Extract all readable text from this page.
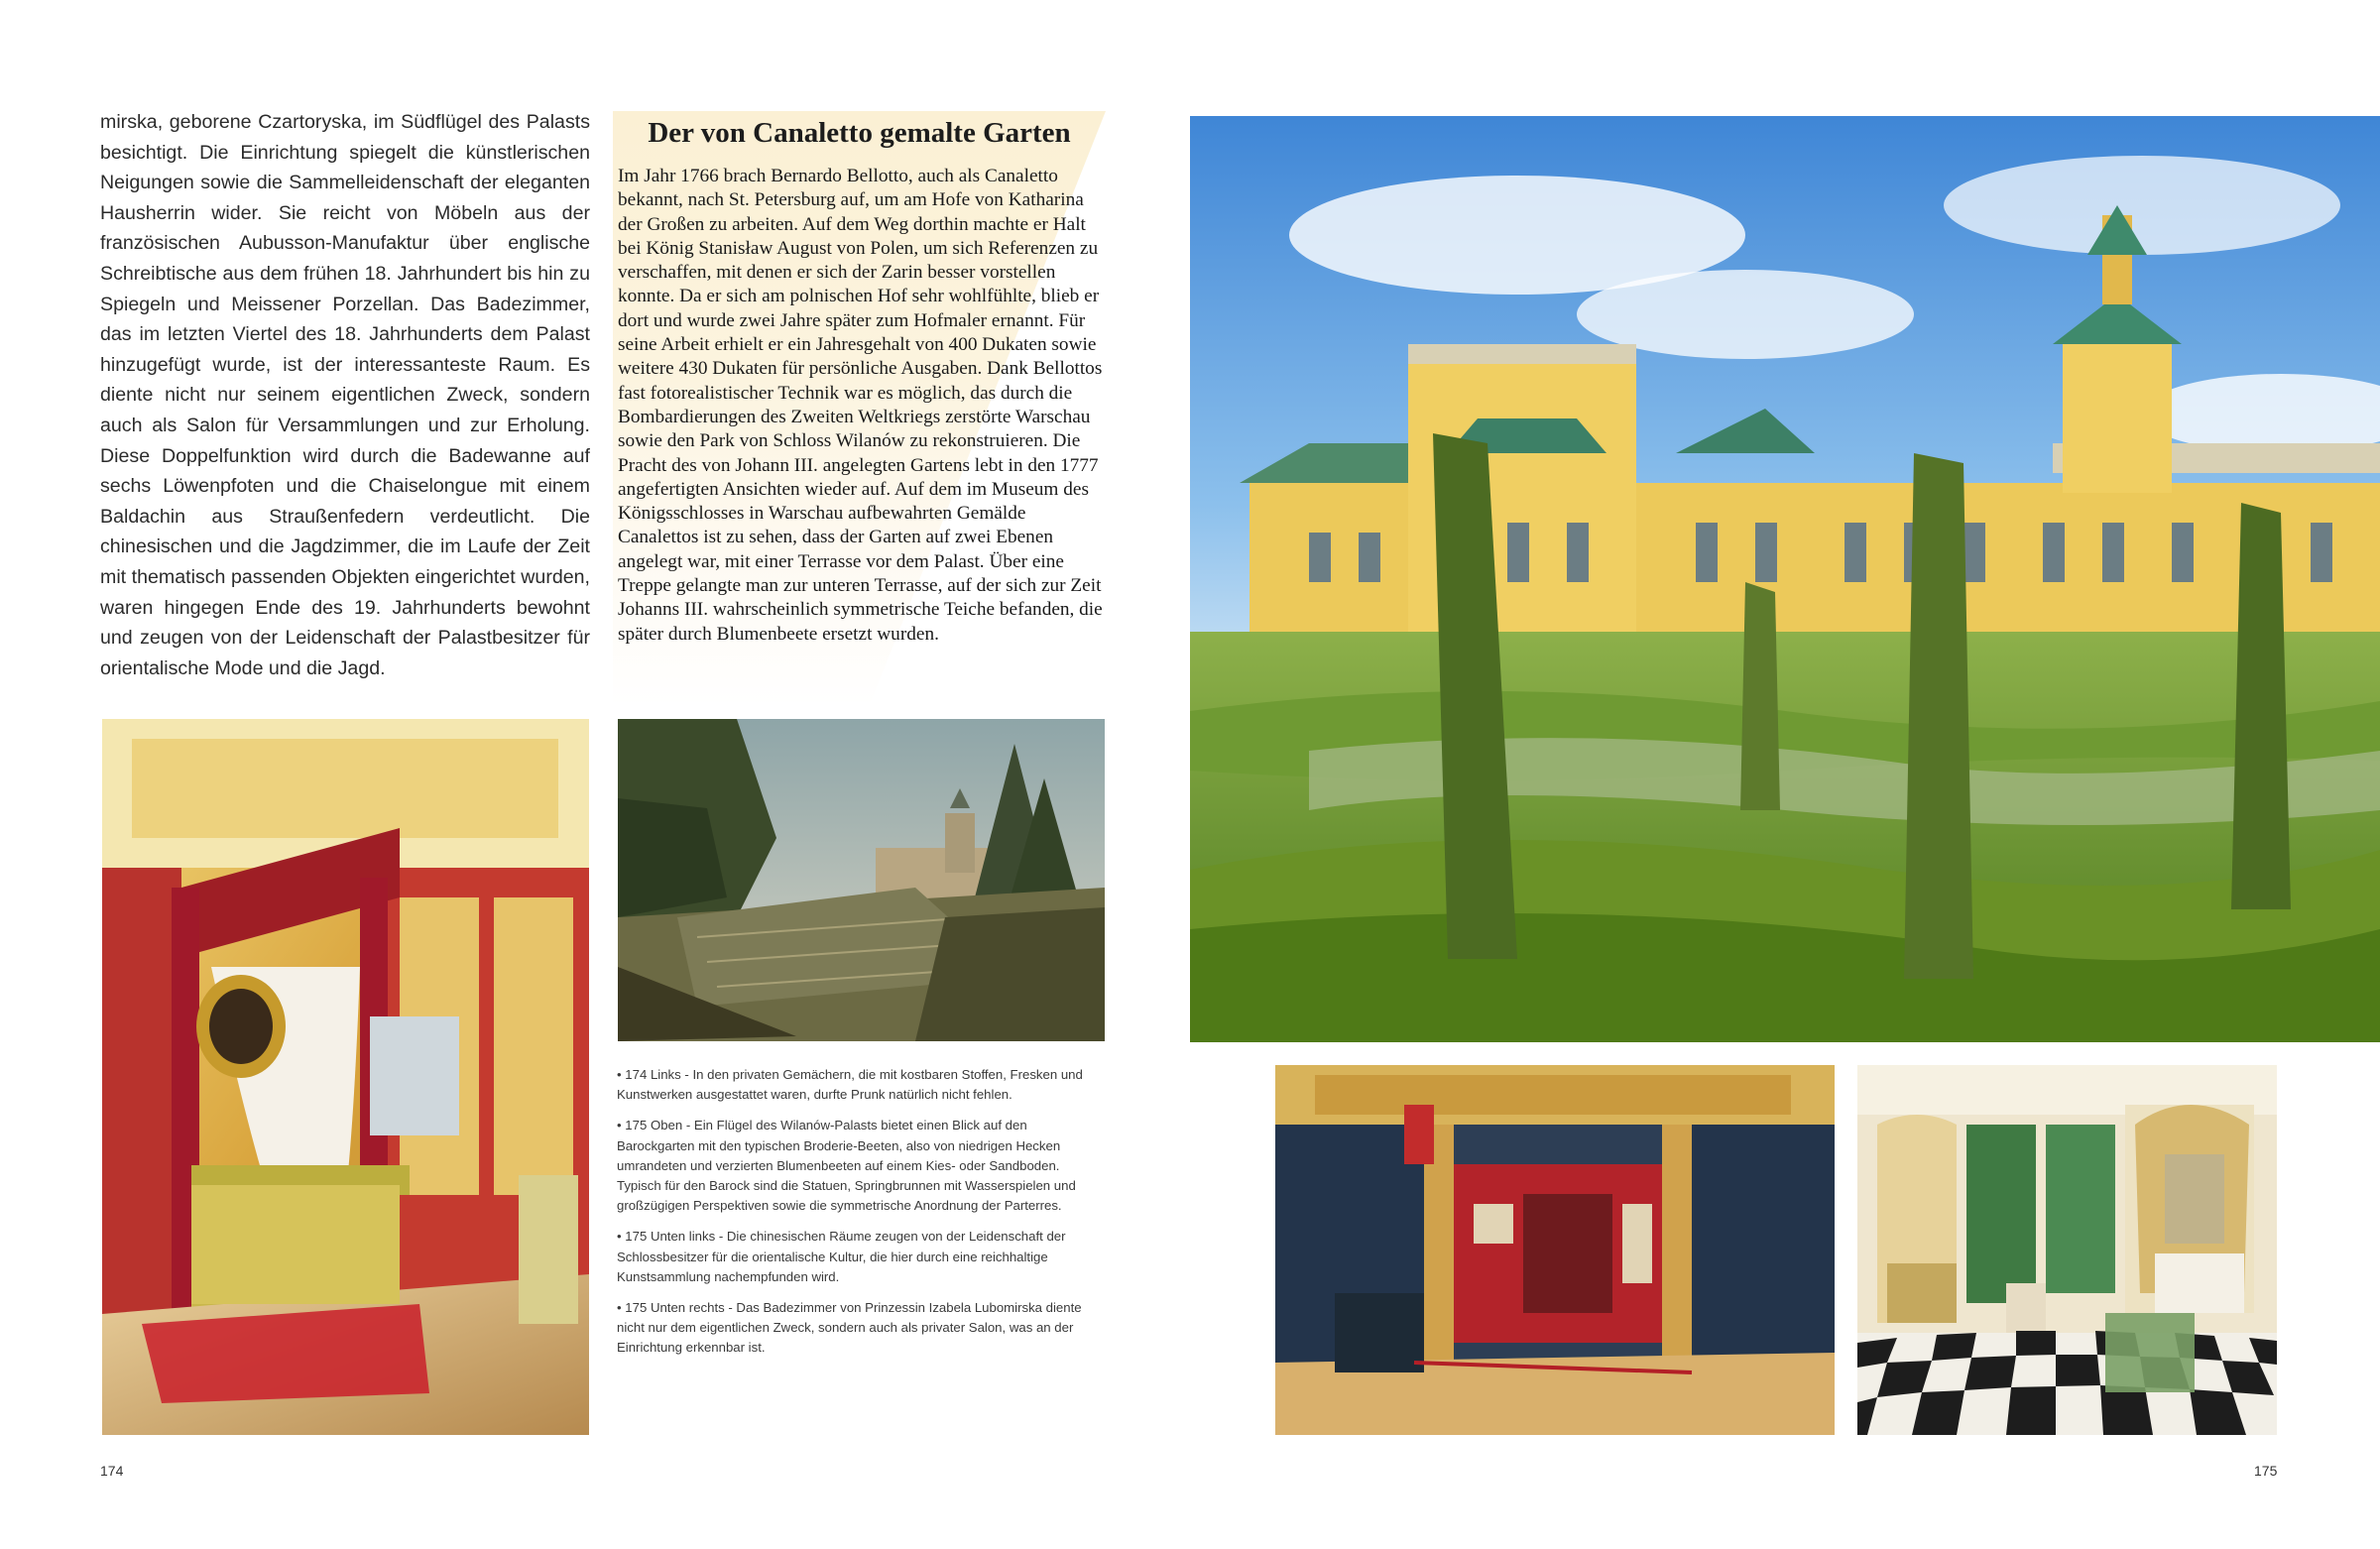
mirska, geborene Czartoryska, im Südflügel des Palasts besichtigt. Die Einrichtung spiegelt die künstlerischen Neigungen sowie die Sammelleidenschaft der eleganten Hausherrin wider. Sie reicht von Möbeln aus der französischen Aubusson-Manufaktur über englische Schreibtische aus dem frühen 18. Jahrhundert bis hin zu Spiegeln und Meissener Porzellan. Das Badezimmer, das im letzten Viertel des 18. Jahrhunderts dem Palast hinzugefügt wurde, ist der interessanteste Raum. Es diente nicht nur seinem eigentlichen Zweck, sondern auch als Salon für Versammlungen und zur Erholung. Diese Doppelfunktion wird durch die Badewanne auf sechs Löwenpfoten und die Chaiselongue mit einem Baldachin aus Straußenfedern verdeutlicht. Die chinesischen und die Jagdzimmer, die im Laufe der Zeit mit thematisch passenden Objekten eingerichtet wurden, waren hingegen Ende des 19. Jahrhunderts bewohnt und zeugen von der Leidenschaft der Palastbesitzer für orientalische Mode und die Jagd.

Der von Canaletto gemalte Garten

Im Jahr 1766 brach Bernardo Bellotto, auch als Canaletto bekannt, nach St. Petersburg auf, um am Hofe von Katharina der Großen zu arbeiten. Auf dem Weg dorthin machte er Halt bei König Stanisław August von Polen, um sich Referenzen zu verschaffen, mit denen er sich der Zarin besser vorstellen konnte. Da er sich am polnischen Hof sehr wohlfühlte, blieb er dort und wurde zwei Jahre später zum Hofmaler ernannt. Für seine Arbeit erhielt er ein Jahresgehalt von 400 Dukaten sowie weitere 430 Dukaten für persönliche Ausgaben. Dank Bellottos fast fotorealistischer Technik war es möglich, das durch die Bombardierungen des Zweiten Weltkriegs zerstörte Warschau sowie den Park von Schloss Wilanów zu rekonstruieren. Die Pracht des von Johann III. angelegten Gartens lebt in den 1777 angefertigten Ansichten wieder auf. Auf dem im Museum des Königsschlosses in Warschau aufbewahrten Gemälde Canalettos ist zu sehen, dass der Garten auf zwei Ebenen angelegt war, mit einer Terrasse vor dem Palast. Über eine Treppe gelangte man zur unteren Terrasse, auf der sich zur Zeit Johanns III. wahrscheinlich symmetrische Teiche befanden, die später durch Blumenbeete ersetzt wurden.

• 174 Links - In den privaten Gemächern, die mit kostbaren Stoffen, Fresken und Kunstwerken ausgestattet waren, durfte Prunk natürlich nicht fehlen.

• 175 Oben - Ein Flügel des Wilanów-Palasts bietet einen Blick auf den Barockgarten mit den typischen Broderie-Beeten, also von niedrigen Hecken umrandeten und verzierten Blumenbeeten auf einem Kies- oder Sandboden. Typisch für den Barock sind die Statuen, Springbrunnen mit Wasserspielen und großzügigen Perspektiven sowie die symmetrische Anordnung der Parterres.

• 175 Unten links - Die chinesischen Räume zeugen von der Leidenschaft der Schlossbesitzer für die orientalische Kultur, die hier durch eine reichhaltige Kunstsammlung nachempfunden wird.

• 175 Unten rechts - Das Badezimmer von Prinzessin Izabela Lubomirska diente nicht nur dem eigentlichen Zweck, sondern auch als privater Salon, was an der Einrichtung erkennbar ist.

174	175
